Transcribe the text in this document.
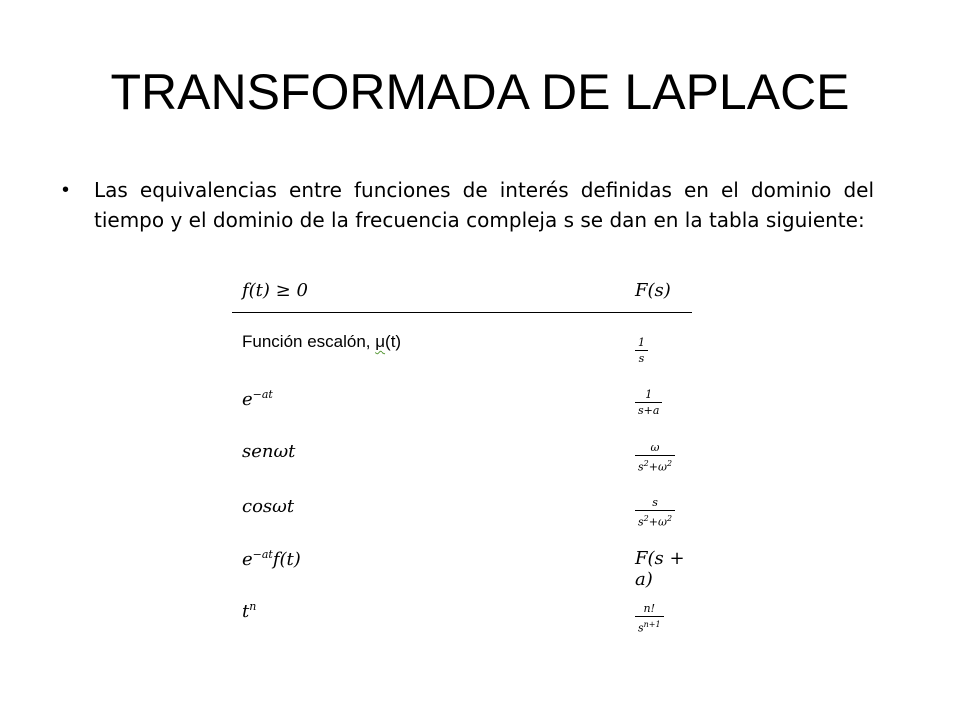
TRANSFORMADA DE LAPLACE
• Las equivalencias entre funciones de interés definidas en el dominio del tiempo y el dominio de la frecuencia compleja s se dan en la tabla siguiente:
f(t) ≥ 0	F(s)
Función escalón, μ(t)	$\frac{1}{s}$
$e^{-at}$	$\frac{1}{s+a}$
senωt	$\frac{\omega}{s^2+\omega^2}$
cosωt	$\frac{s}{s^2+\omega^2}$
$e^{-at}f(t)$	F(s + a)
$t^n$	$\frac{n!}{s^{n+1}}$
